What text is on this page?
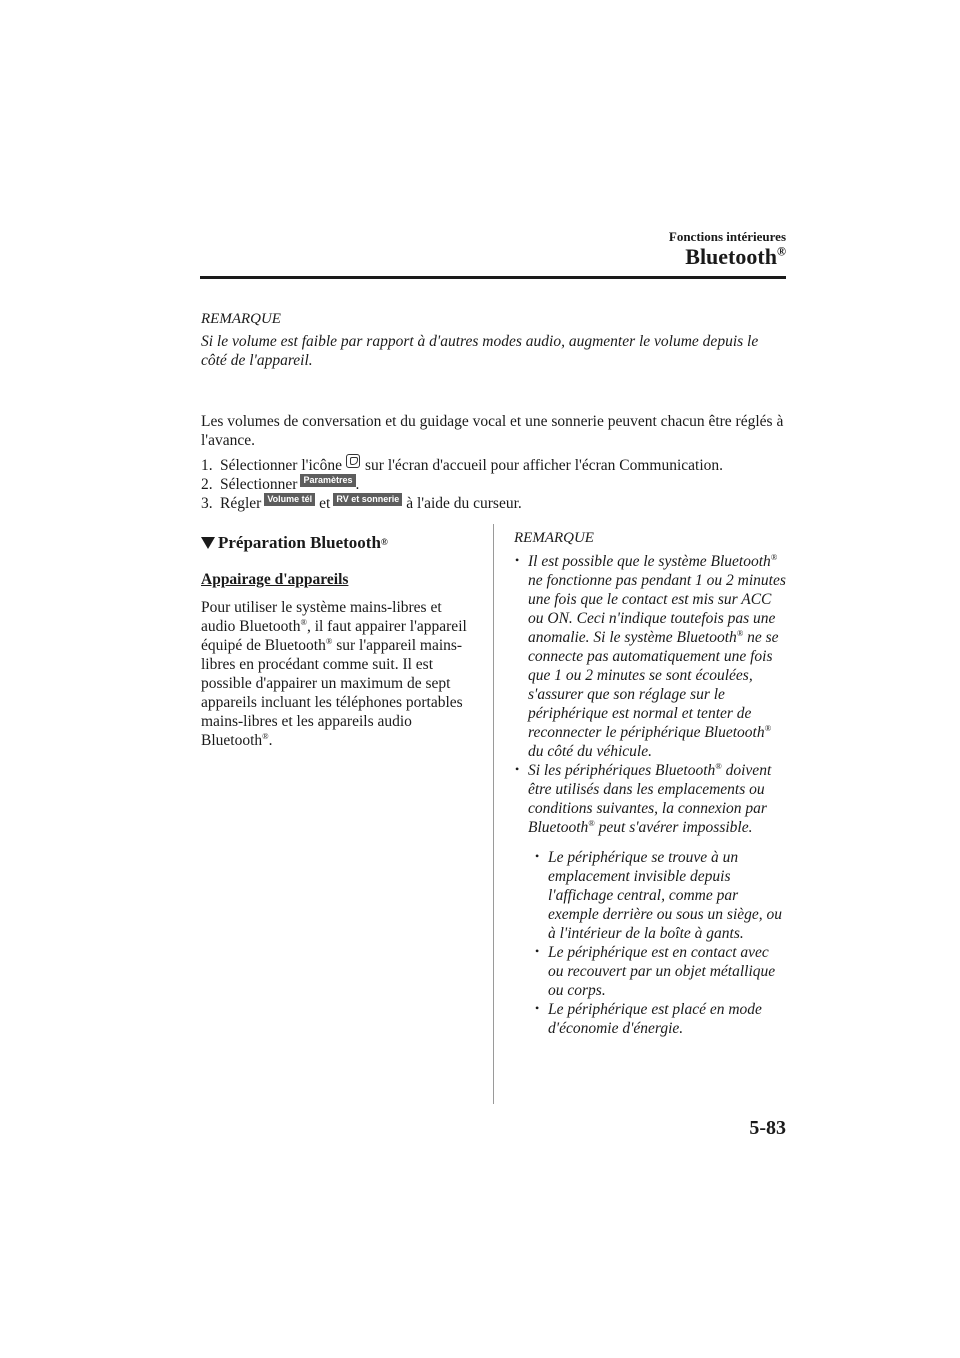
Fonctions intérieures
Bluetooth®
REMARQUE
Si le volume est faible par rapport à d'autres modes audio, augmenter le volume depuis le côté de l'appareil.
Les volumes de conversation et du guidage vocal et une sonnerie peuvent chacun être réglés à l'avance.
1. Sélectionner l'icône sur l'écran d'accueil pour afficher l'écran Communication.
2. Sélectionner Paramètres .
3. Régler Volume tél et RV et sonnerie à l'aide du curseur.
Préparation Bluetooth ®
Appairage d'appareils
Pour utiliser le système mains-libres et audio Bluetooth®, il faut appairer l'appareil équipé de Bluetooth® sur l'appareil mains-libres en procédant comme suit. Il est possible d'appairer un maximum de sept appareils incluant les téléphones portables mains-libres et les appareils audio Bluetooth®.
REMARQUE
• Il est possible que le système Bluetooth® ne fonctionne pas pendant 1 ou 2 minutes une fois que le contact est mis sur ACC ou ON. Ceci n'indique toutefois pas une anomalie. Si le système Bluetooth® ne se connecte pas automatiquement une fois que 1 ou 2 minutes se sont écoulées, s'assurer que son réglage sur le périphérique est normal et tenter de reconnecter le périphérique Bluetooth® du côté du véhicule.
• Si les périphériques Bluetooth® doivent être utilisés dans les emplacements ou conditions suivantes, la connexion par Bluetooth® peut s'avérer impossible.
• Le périphérique se trouve à un emplacement invisible depuis l'affichage central, comme par exemple derrière ou sous un siège, ou à l'intérieur de la boîte à gants.
• Le périphérique est en contact avec ou recouvert par un objet métallique ou corps.
• Le périphérique est placé en mode d'économie d'énergie.
5-83
